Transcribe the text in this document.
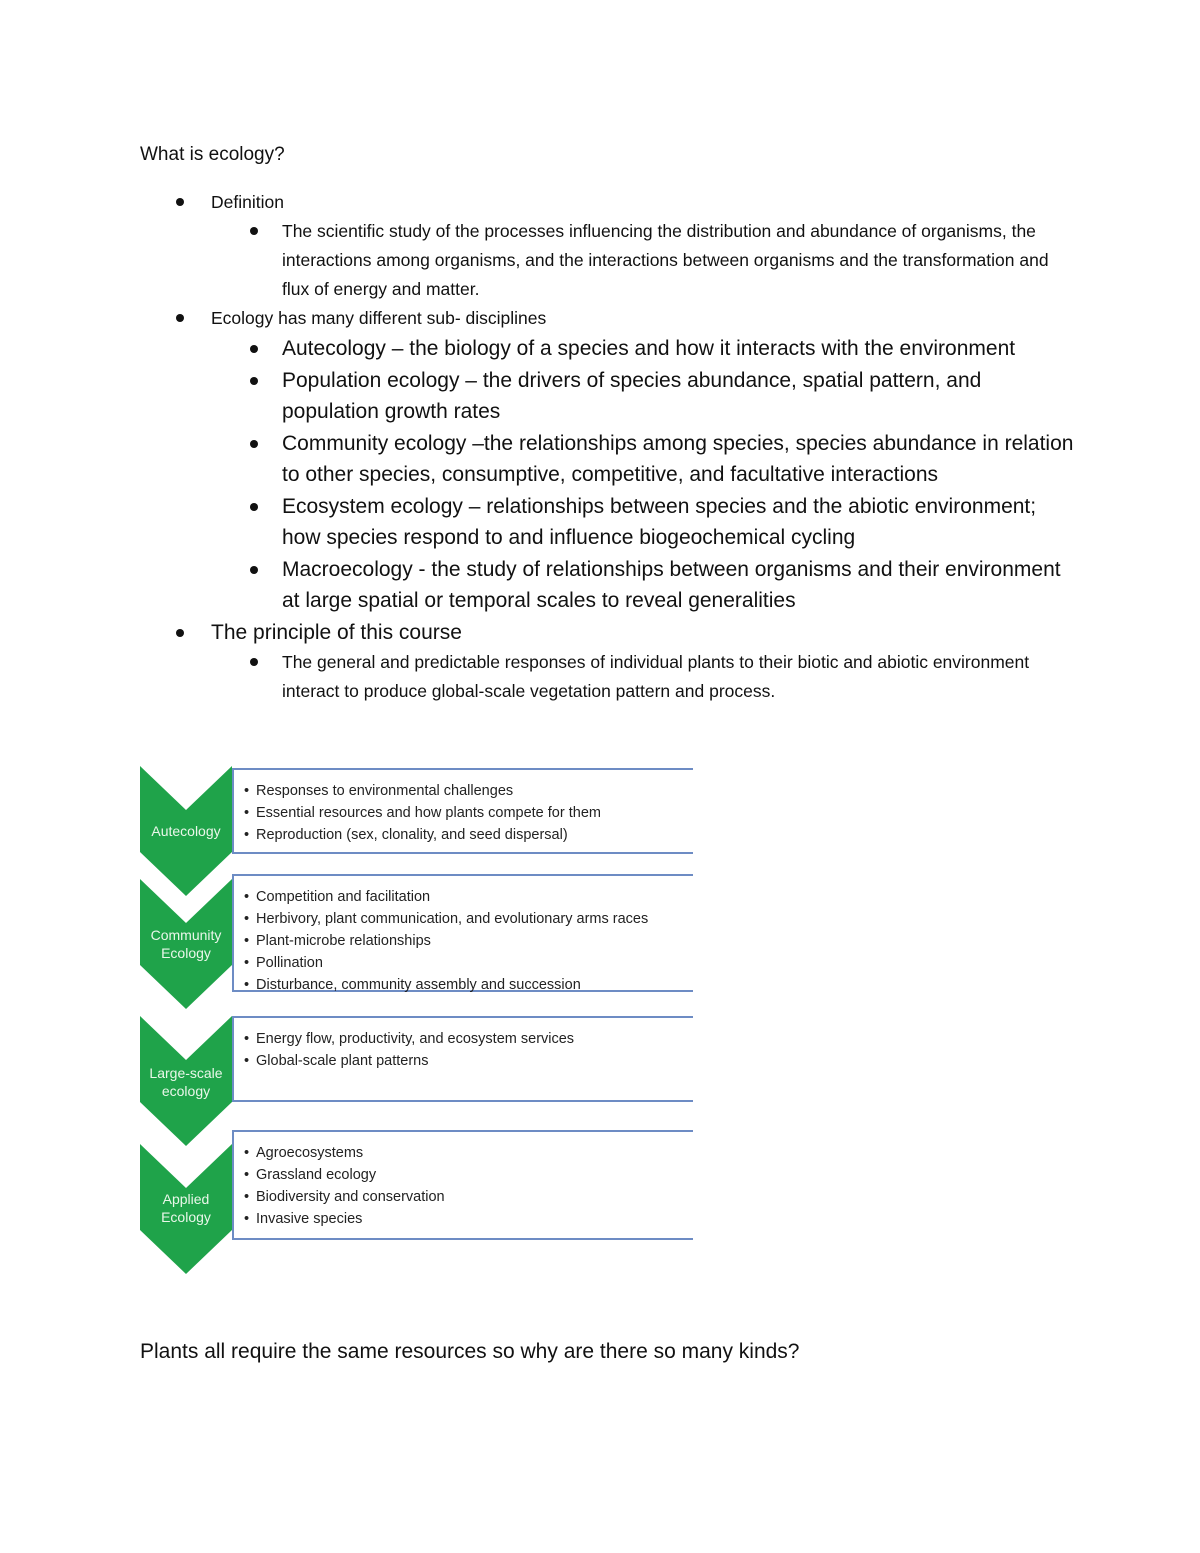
What is ecology?
Definition
The scientific study of the processes influencing the distribution and abundance of organisms, the interactions among organisms, and the interactions between organisms and the transformation and flux of energy and matter.
Ecology has many different sub- disciplines
Autecology – the biology of a species and how it interacts with the environment
Population ecology – the drivers of species abundance, spatial pattern, and population growth rates
Community ecology –the relationships among species, species abundance in relation to other species, consumptive, competitive, and facultative interactions
Ecosystem ecology – relationships between species and the abiotic environment; how species respond to and influence biogeochemical cycling
Macroecology - the study of relationships between organisms and their environment at large spatial or temporal scales to reveal generalities
The principle of this course
The general and predictable responses of individual plants to their biotic and abiotic environment interact to produce global-scale vegetation pattern and process.
Autecology
• Responses to environmental challenges
• Essential resources and how plants compete for them
• Reproduction (sex, clonality, and seed dispersal)
Community Ecology
• Competition and facilitation
• Herbivory, plant communication, and evolutionary arms races
• Plant-microbe relationships
• Pollination
• Disturbance, community assembly and succession
Large-scale ecology
• Energy flow, productivity, and ecosystem services
• Global-scale plant patterns
Applied Ecology
• Agroecosystems
• Grassland ecology
• Biodiversity and conservation
• Invasive species
Plants all require the same resources so why are there so many kinds?
